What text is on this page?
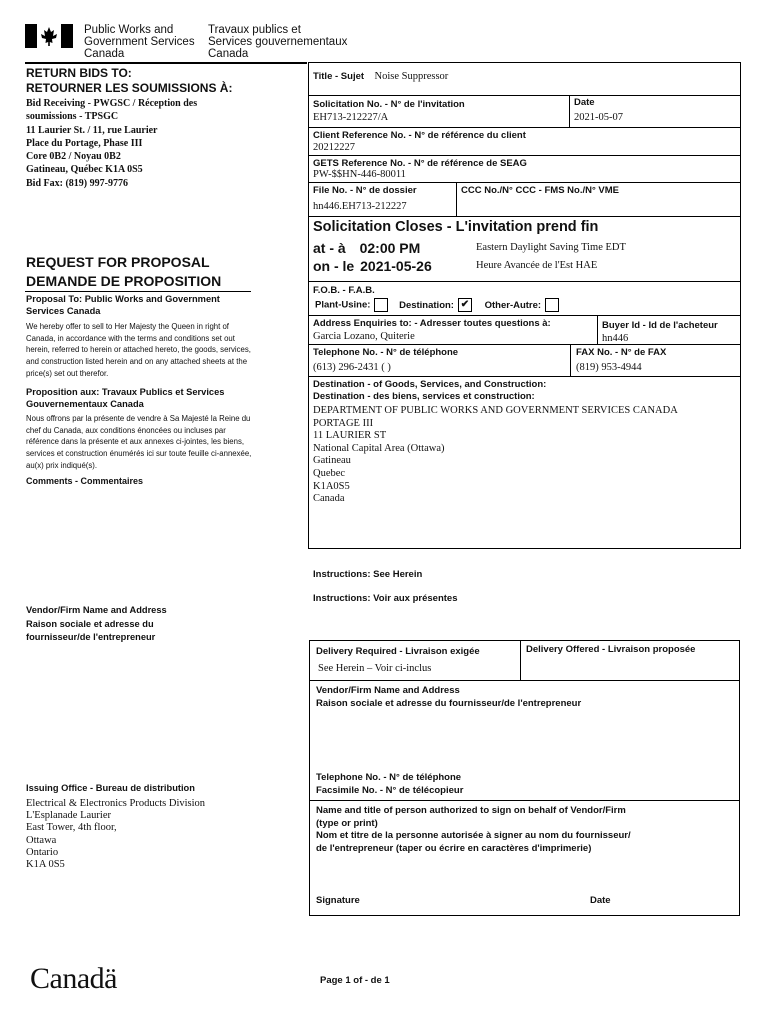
Public Works and
Government Services
Canada
Travaux publics et
Services gouvernementaux
Canada
RETURN BIDS TO:
RETOURNER LES SOUMISSIONS À:
Bid Receiving - PWGSC / Réception des
soumissions - TPSGC
11 Laurier St. / 11, rue Laurier
Place du Portage, Phase III
Core 0B2 / Noyau 0B2
Gatineau, Québec K1A 0S5
Bid Fax: (819) 997-9776
REQUEST FOR PROPOSAL
DEMANDE DE PROPOSITION
Proposal To: Public Works and Government Services Canada
We hereby offer to sell to Her Majesty the Queen in right of Canada, in accordance with the terms and conditions set out herein, referred to herein or attached hereto, the goods, services, and construction listed herein and on any attached sheets at the price(s) set out therefor.
Proposition aux: Travaux Publics et Services Gouvernementaux Canada
Nous offrons par la présente de vendre à Sa Majesté la Reine du chef du Canada, aux conditions énoncées ou incluses par référence dans la présente et aux annexes ci-jointes, les biens, services et construction énumérés ici sur toute feuille ci-annexée, au(x) prix indiqué(s).
Comments - Commentaires
Vendor/Firm Name and Address
Raison sociale et adresse du
fournisseur/de l'entrepreneur
Issuing Office - Bureau de distribution
Electrical & Electronics Products Division
L'Esplanade Laurier
East Tower, 4th floor,
Ottawa
Ontario
K1A 0S5
Title - Sujet Noise Suppressor
Solicitation No. - N° de l'invitation
EH713-212227/A
Date
2021-05-07
Client Reference No. - N° de référence du client
20212227
GETS Reference No. - N° de référence de SEAG
PW-$$HN-446-80011
File No. - N° de dossier
hn446.EH713-212227
CCC No./N° CCC - FMS No./N° VME
Solicitation Closes - L'invitation prend fin
at - à 02:00 PM	Eastern Daylight Saving Time EDT
on - le 2021-05-26	Heure Avancée de l'Est HAE
F.O.B. - F.A.B.
Plant-Usine:	Destination: ✔ Other-Autre:
Address Enquiries to: - Adresser toutes questions à:
Garcia Lozano, Quiterie
Buyer Id - Id de l'acheteur
hn446
Telephone No. - N° de téléphone
(613) 296-2431 ( )
FAX No. - N° de FAX
(819) 953-4944
Destination - of Goods, Services, and Construction:
Destination - des biens, services et construction:
DEPARTMENT OF PUBLIC WORKS AND GOVERNMENT SERVICES CANADA
PORTAGE III
11 LAURIER ST
National Capital Area (Ottawa)
Gatineau
Quebec
K1A0S5
Canada
Instructions: See Herein
Instructions: Voir aux présentes
Delivery Required - Livraison exigée
See Herein – Voir ci-inclus
Delivery Offered - Livraison proposée
Vendor/Firm Name and Address
Raison sociale et adresse du fournisseur/de l'entrepreneur
Telephone No. - N° de téléphone
Facsimile No. - N° de télécopieur
Name and title of person authorized to sign on behalf of Vendor/Firm
(type or print)
Nom et titre de la personne autorisée à signer au nom du fournisseur/
de l'entrepreneur (taper ou écrire en caractères d'imprimerie)
Signature	Date
Canadä	Page 1 of - de 1
